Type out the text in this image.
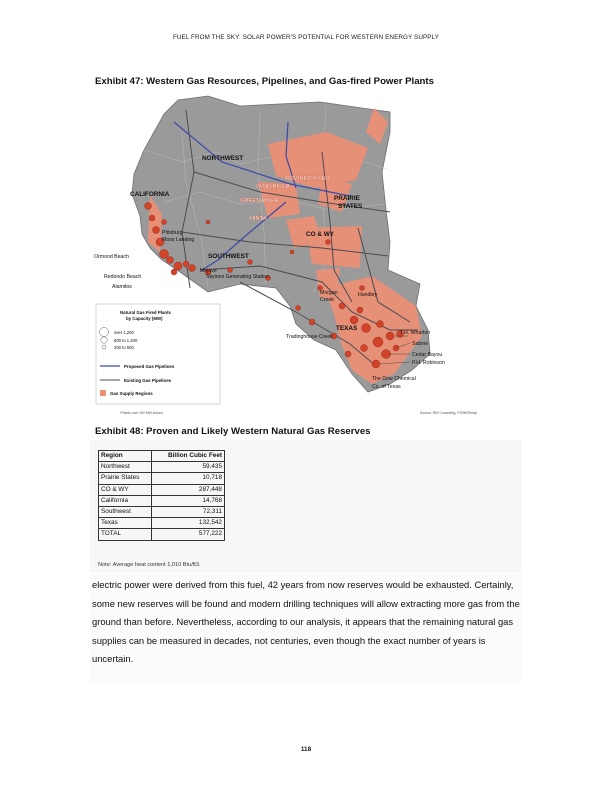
FUEL FROM THE SKY: SOLAR POWER'S POTENTIAL FOR WESTERN ENERGY SUPPLY
Exhibit 47: Western Gas Resources, Pipelines, and Gas-fired Power Plants
NORTHWEST
CALIFORNIA
SOUTHWEST
PRAIRIE
STATES
CO & WY
TEXAS
POWDER RIVER
WIND RIVER
GREEN RIVER
UINTA
Pittsburg
Moss Landing
Ormond Beach
Redondo Beach
Alamitos
Mojave
Skyines Generating Station
Morgan
Creek
Handley
Tradinghouse Creek
T.H. Wharton
Sabine
Cedar Bayou
P.H. Robinson
The Dow Chemical
Co. of Texas
Natural Gas Fired Plants
by Capacity (MW)
over 1,200
600 to 1,200
200 to 600
Proposed Gas Pipelines
Existing Gas Pipelines
Gas Supply Regions
*Plants over 200 MW shown.	Source: RDI Consulting, POWERmap
Exhibit 48: Proven and Likely Western Natural Gas Reserves
Region	Billion Cubic Feet
Northwest	59,435
Prairie States	10,718
CO & WY	287,448
California	14,768
Southwest	72,311
Texas	132,542
TOTAL	577,222
Note: Average heat content 1,010 Btu/ft3.

electric power were derived from this fuel, 42 years from now reserves would be exhausted. Certainly, some new reserves will be found and modern drilling techniques will allow extracting more gas from the ground than before. Nevertheless, according to our analysis, it appears that the remaining natural gas supplies can be measured in decades, not centuries, even though the exact number of years is uncertain.

118
